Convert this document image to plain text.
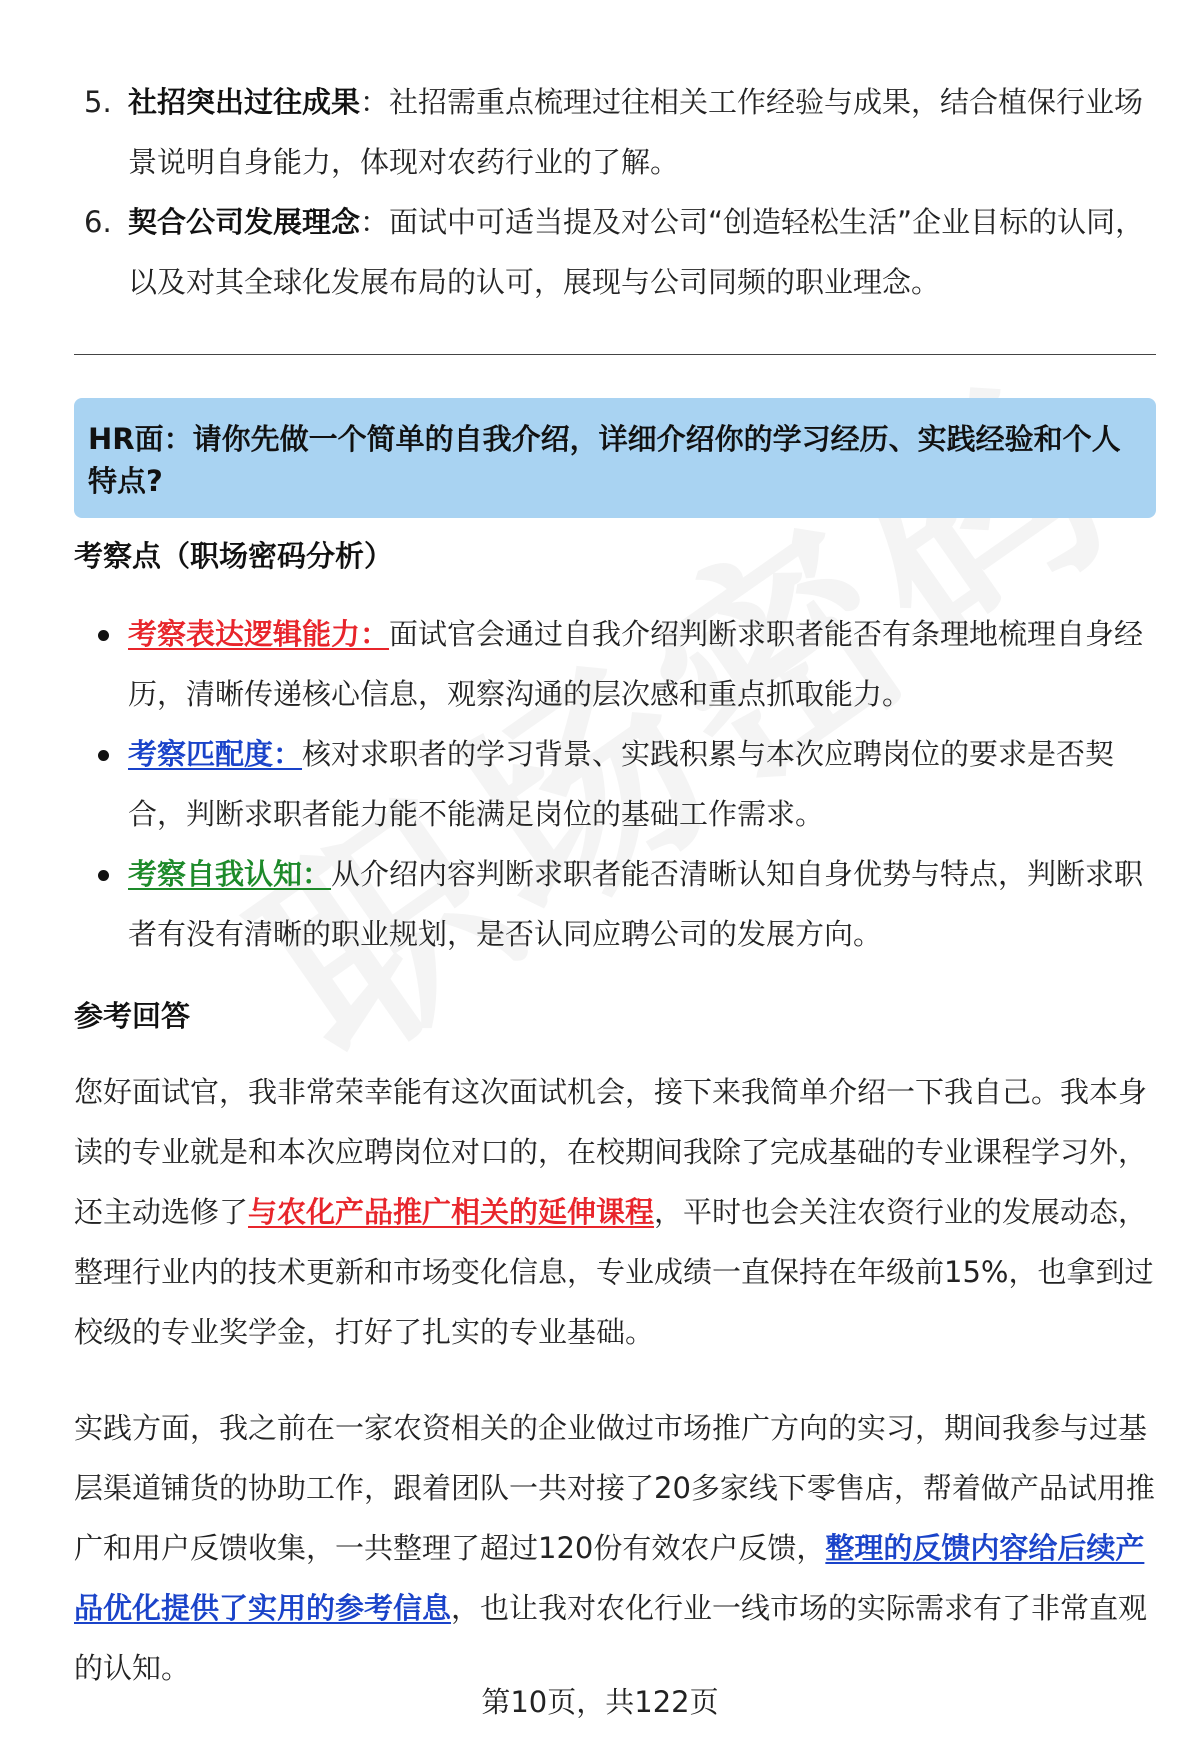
5. 社招突出过往成果：社招需重点梳理过往相关工作经验与成果，结合植保行业场景说明自身能力，体现对农药行业的了解。
6. 契合公司发展理念：面试中可适当提及对公司“创造轻松生活”企业目标的认同，以及对其全球化发展布局的认可，展现与公司同频的职业理念。
HR面：请你先做一个简单的自我介绍，详细介绍你的学习经历、实践经验和个人特点?
考察点（职场密码分析）
考察表达逻辑能力：面试官会通过自我介绍判断求职者能否有条理地梳理自身经历，清晰传递核心信息，观察沟通的层次感和重点抓取能力。
考察匹配度：核对求职者的学习背景、实践积累与本次应聘岗位的要求是否契合，判断求职者能力能不能满足岗位的基础工作需求。
考察自我认知：从介绍内容判断求职者能否清晰认知自身优势与特点，判断求职者有没有清晰的职业规划，是否认同应聘公司的发展方向。
参考回答
您好面试官，我非常荣幸能有这次面试机会，接下来我简单介绍一下我自己。我本身读的专业就是和本次应聘岗位对口的，在校期间我除了完成基础的专业课程学习外，还主动选修了与农化产品推广相关的延伸课程，平时也会关注农资行业的发展动态，整理行业内的技术更新和市场变化信息，专业成绩一直保持在年级前15%，也拿到过校级的专业奖学金，打好了扎实的专业基础。
实践方面，我之前在一家农资相关的企业做过市场推广方向的实习，期间我参与过基层渠道铺货的协助工作，跟着团队一共对接了20多家线下零售店，帮着做产品试用推广和用户反馈收集，一共整理了超过120份有效农户反馈，整理的反馈内容给后续产品优化提供了实用的参考信息，也让我对农化行业一线市场的实际需求有了非常直观的认知。
第10页，共122页
